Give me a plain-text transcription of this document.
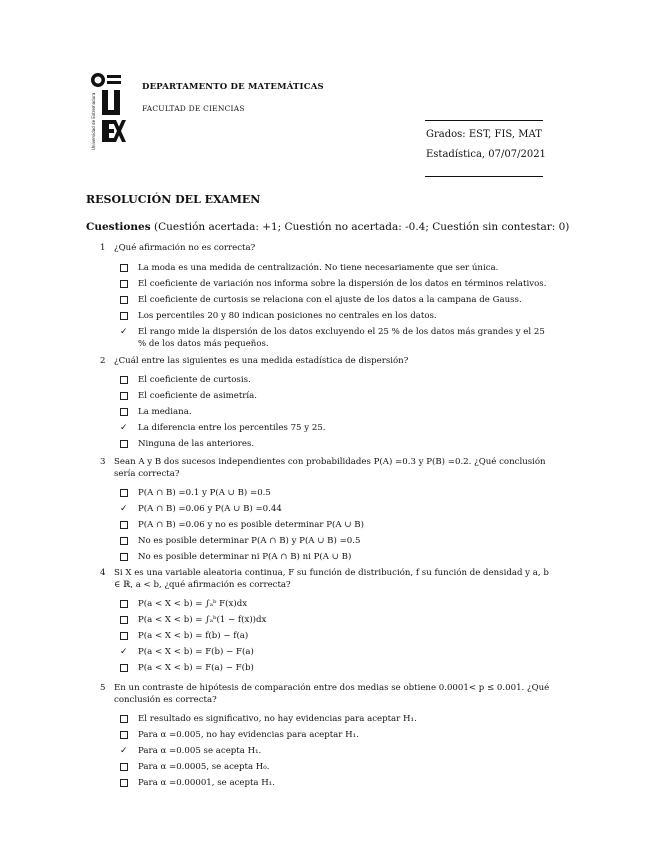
Universidad de Extremadura
DEPARTAMENTO DE MATEMÁTICAS
FACULTAD DE CIENCIAS
Grados: EST, FIS, MAT
Estadística, 07/07/2021
RESOLUCIÓN DEL EXAMEN
Cuestiones (Cuestión acertada: +1; Cuestión no acertada: -0.4; Cuestión sin contestar: 0)
1 ¿Qué afirmación no es correcta?
La moda es una medida de centralización. No tiene necesariamente que ser única.
El coeficiente de variación nos informa sobre la dispersión de los datos en términos relativos.
El coeficiente de curtosis se relaciona con el ajuste de los datos a la campana de Gauss.
Los percentiles 20 y 80 indican posiciones no centrales en los datos.
✓	El rango mide la dispersión de los datos excluyendo el 25 % de los datos más grandes y el 25 % de los datos más pequeños.
2 ¿Cuál entre las siguientes es una medida estadística de dispersión?
El coeficiente de curtosis.
El coeficiente de asimetría.
La mediana.
✓	La diferencia entre los percentiles 75 y 25.
Ninguna de las anteriores.
3 Sean A y B dos sucesos independientes con probabilidades P(A) =0.3 y P(B) =0.2. ¿Qué conclusión sería correcta?
P(A ∩ B) =0.1 y P(A ∪ B) =0.5
✓	P(A ∩ B) =0.06 y P(A ∪ B) =0.44
P(A ∩ B) =0.06 y no es posible determinar P(A ∪ B)
No es posible determinar P(A ∩ B) y P(A ∪ B) =0.5
No es posible determinar ni P(A ∩ B) ni P(A ∪ B)
4 Si X es una variable aleatoria continua, F su función de distribución, f su función de densidad y a, b ∈ ℝ, a < b, ¿qué afirmación es correcta?
P(a < X < b) = ∫ₐᵇ F(x)dx
P(a < X < b) = ∫ₐᵇ(1 − f(x))dx
P(a < X < b) = f(b) − f(a)
✓	P(a < X < b) = F(b) − F(a)
P(a < X < b) = F(a) − F(b)
5 En un contraste de hipótesis de comparación entre dos medias se obtiene 0.0001< p ≤ 0.001. ¿Qué conclusión es correcta?
El resultado es significativo, no hay evidencias para aceptar H₁.
Para α =0.005, no hay evidencias para aceptar H₁.
✓	Para α =0.005 se acepta H₁.
Para α =0.0005, se acepta H₀.
Para α =0.00001, se acepta H₁.
